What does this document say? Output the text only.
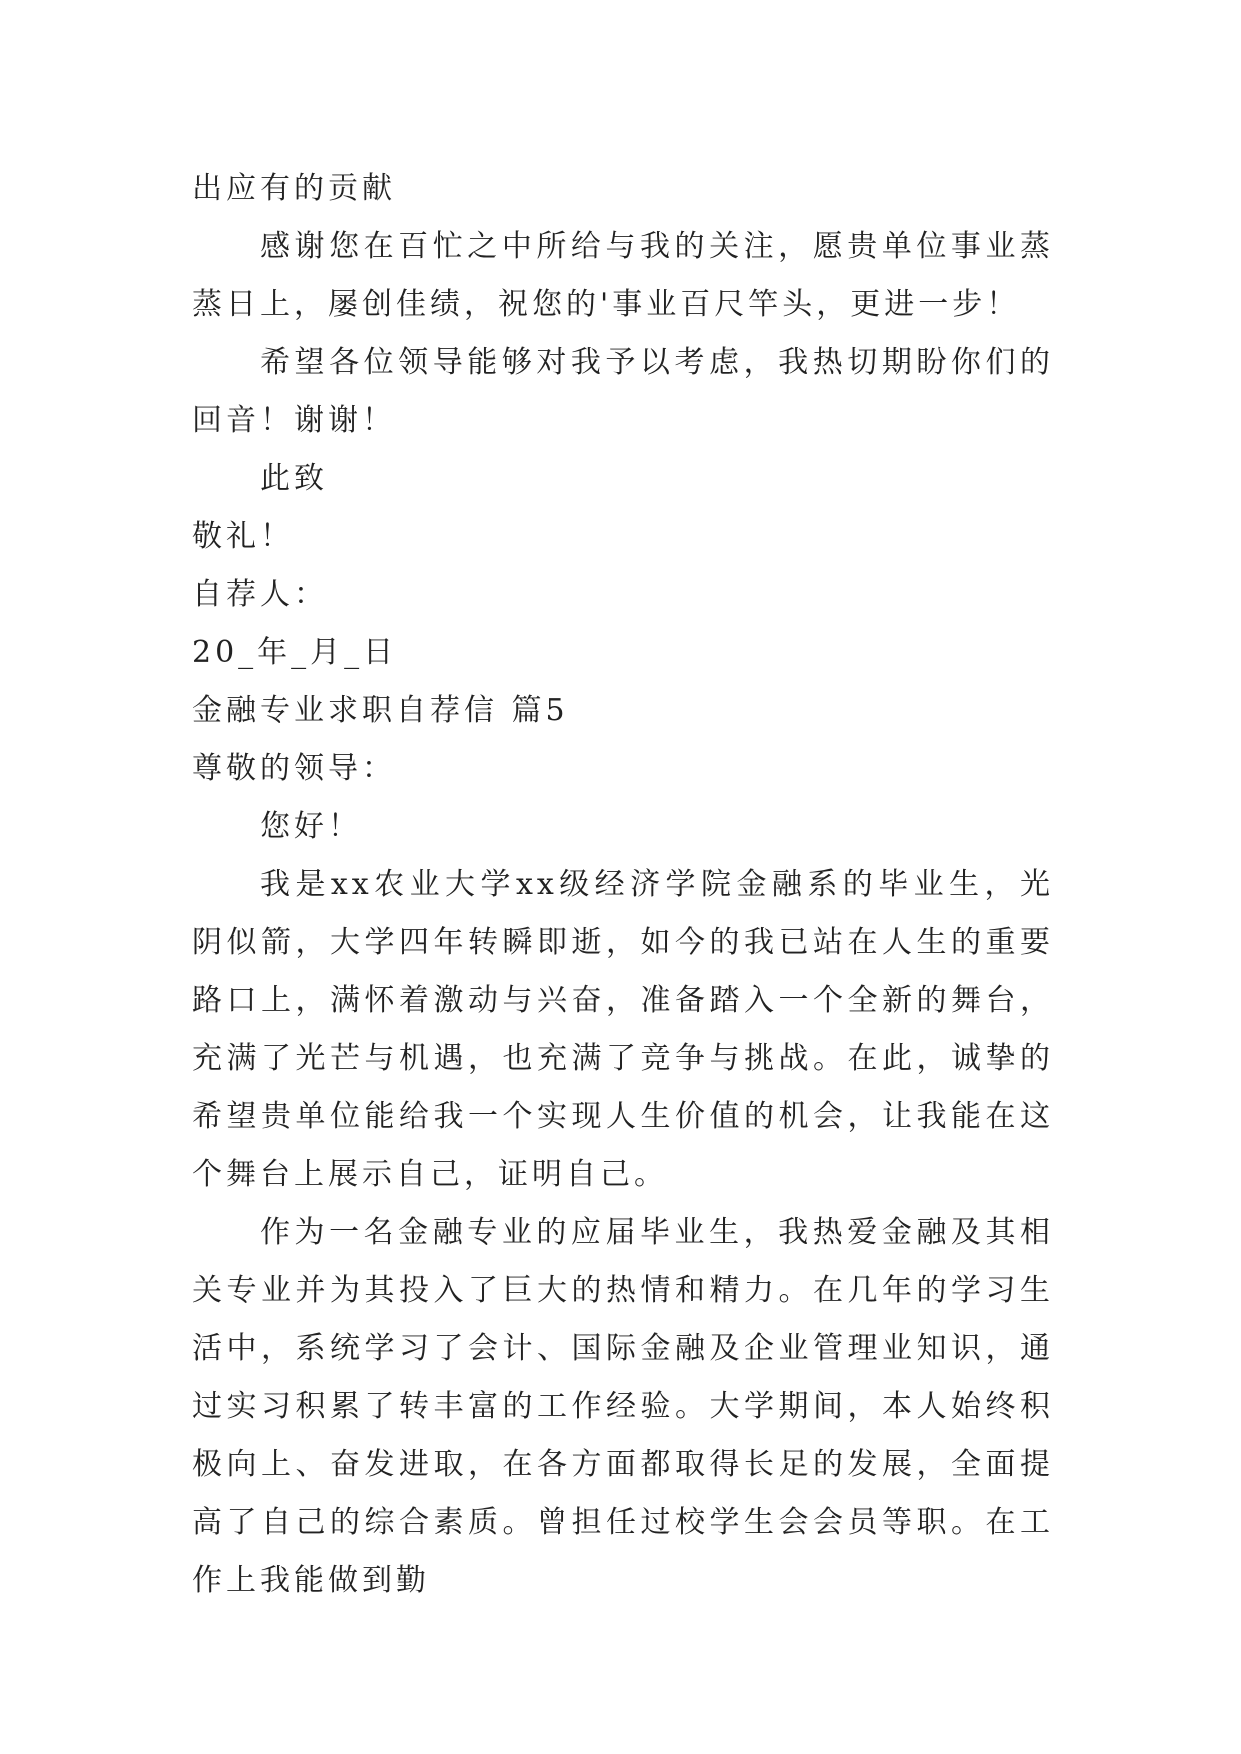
出应有的贡献
感谢您在百忙之中所给与我的关注，愿贵单位事业蒸蒸日上，屡创佳绩，祝您的'事业百尺竿头，更进一步！
希望各位领导能够对我予以考虑，我热切期盼你们的回音！谢谢！
此致
敬礼！
自荐人：
20_年_月_日
金融专业求职自荐信 篇5
尊敬的领导：
您好！
我是xx农业大学xx级经济学院金融系的毕业生，光阴似箭，大学四年转瞬即逝，如今的我已站在人生的重要路口上，满怀着激动与兴奋，准备踏入一个全新的舞台，充满了光芒与机遇，也充满了竞争与挑战。在此，诚挚的希望贵单位能给我一个实现人生价值的机会，让我能在这个舞台上展示自己，证明自己。
作为一名金融专业的应届毕业生，我热爱金融及其相关专业并为其投入了巨大的热情和精力。在几年的学习生活中，系统学习了会计、国际金融及企业管理业知识，通过实习积累了转丰富的工作经验。大学期间，本人始终积极向上、奋发进取，在各方面都取得长足的发展，全面提高了自己的综合素质。曾担任过校学生会会员等职。在工作上我能做到勤
